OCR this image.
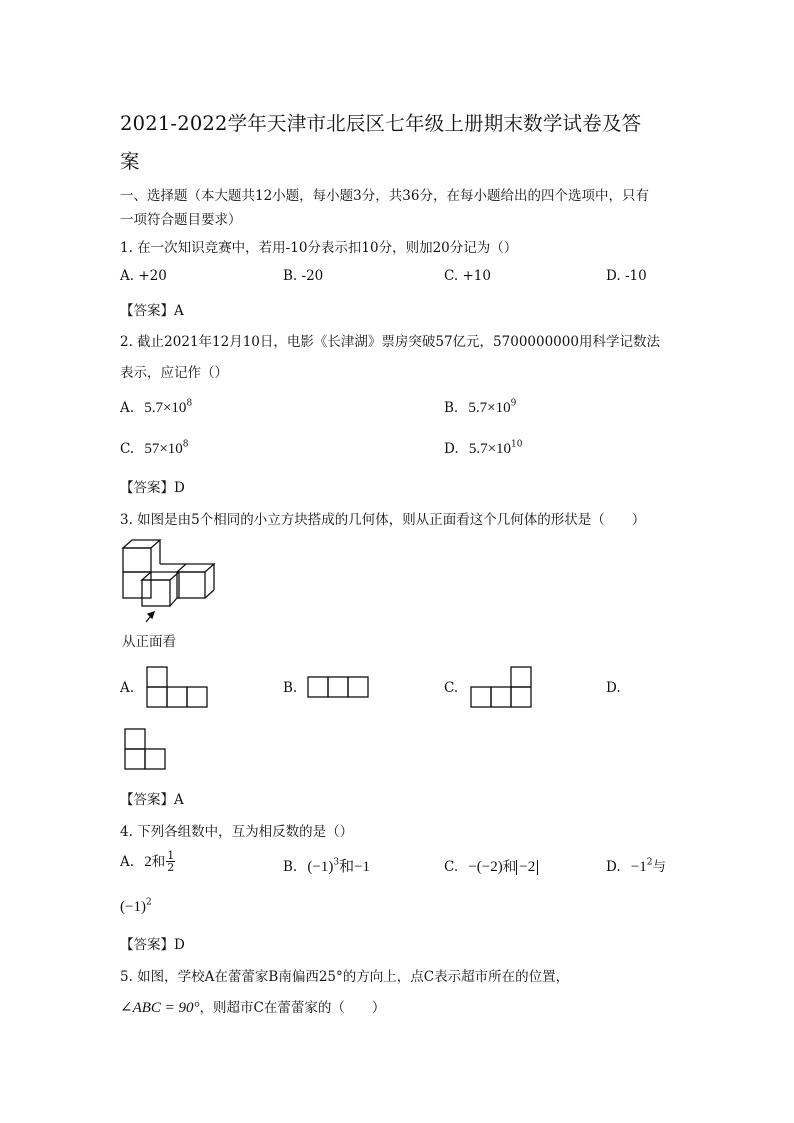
2021-2022学年天津市北辰区七年级上册期末数学试卷及答
案
一、选择题（本大题共12小题，每小题3分，共36分，在每小题给出的四个选项中，只有
一项符合题目要求）
1. 在一次知识竞赛中，若用-10分表示扣10分，则加20分记为（）
A. +20	B. -20	C. +10	D. -10
【答案】A
2. 截止2021年12月10日，电影《长津湖》票房突破57亿元，5700000000用科学记数法
表示，应记作（）
A. $5.7\times 10^8$	B. $5.7\times 10^9$
C. $57\times 10^8$	D. $5.7\times 10^{10}$
【答案】D
3. 如图是由5个相同的小立方块搭成的几何体，则从正面看这个几何体的形状是（　　）
从正面看
A.	B.	C.	D.
【答案】A
4. 下列各组数中，互为相反数的是（）
A. 2和 $\frac{1}{2}$	B. $(-1)^3$和−1	C. −(−2)和 −2	D. $-1^2$与
$(-1)^2$
【答案】D
5. 如图，学校A在蕾蕾家B南偏西25°的方向上，点C表示超市所在的位置，
∠ABC = 90°，则超市C在蕾蕾家的（　　）
